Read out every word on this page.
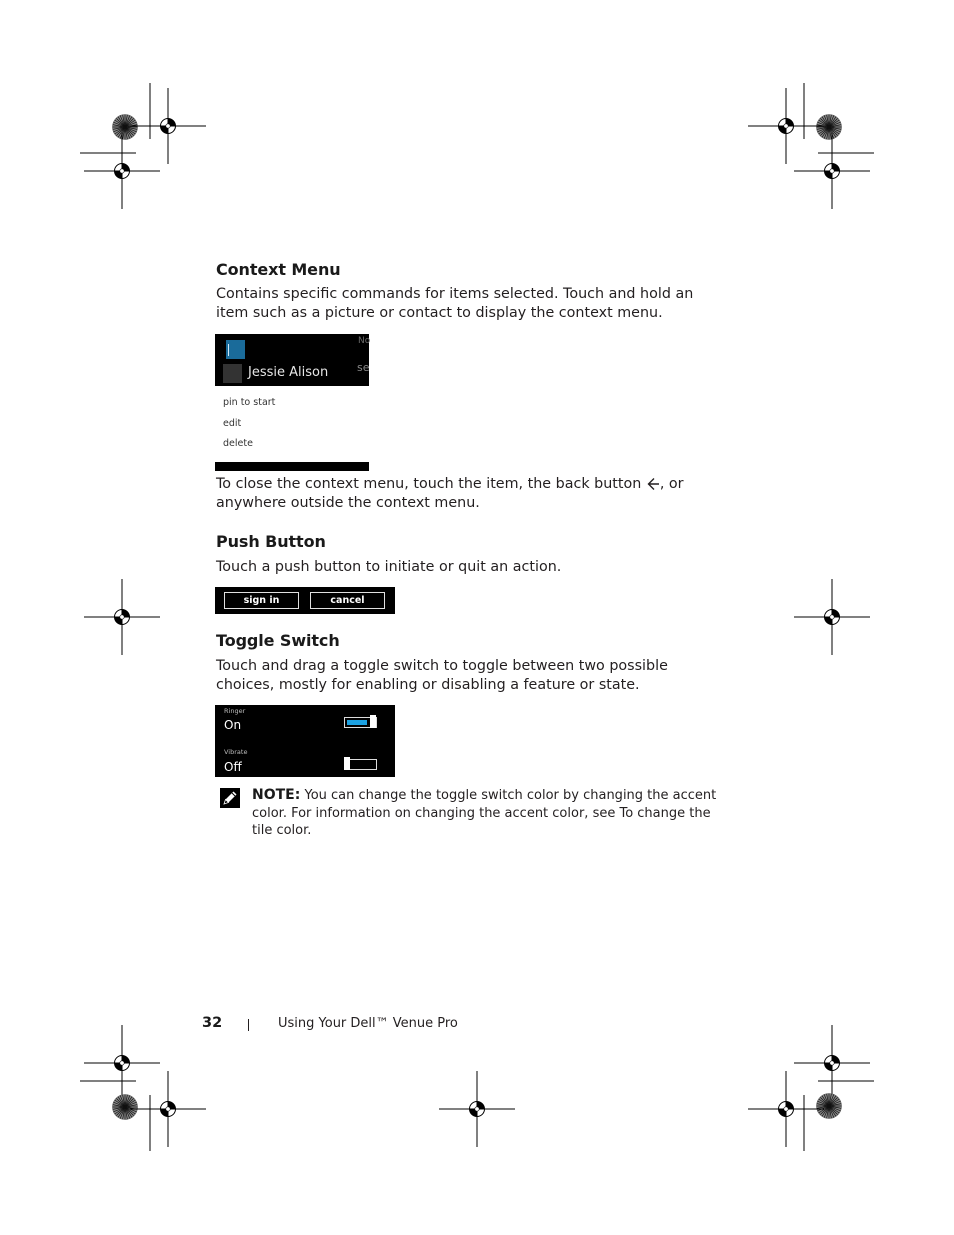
Context Menu
Contains specific commands for items selected. Touch and hold an item such as a picture or contact to display the context menu.
Jessie Alison
No
se
pin to start
edit
delete
To close the context menu, touch the item, the back button , or anywhere outside the context menu.
Push Button
Touch a push button to initiate or quit an action.
sign in	cancel
Toggle Switch
Touch and drag a toggle switch to toggle between two possible choices, mostly for enabling or disabling a feature or state.
Ringer
On
Vibrate
Off
NOTE: You can change the toggle switch color by changing the accent color. For information on changing the accent color, see To change the tile color.
32	Using Your Dell™ Venue Pro
